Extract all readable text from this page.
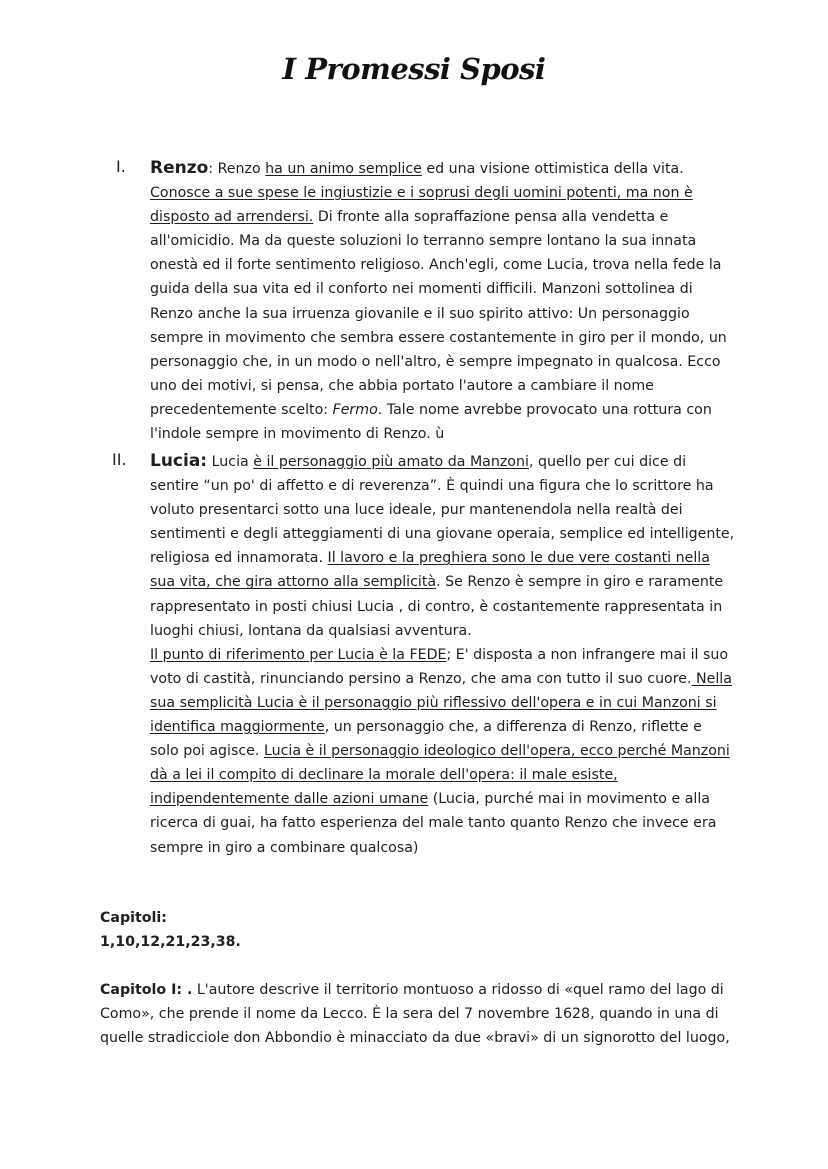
I Promessi Sposi
I. Renzo: Renzo ha un animo semplice ed una visione ottimistica della vita. Conosce a sue spese le ingiustizie e i soprusi degli uomini potenti, ma non è disposto ad arrendersi. Di fronte alla sopraffazione pensa alla vendetta e all'omicidio. Ma da queste soluzioni lo terranno sempre lontano la sua innata onestà ed il forte sentimento religioso. Anch'egli, come Lucia, trova nella fede la guida della sua vita ed il conforto nei momenti difficili. Manzoni sottolinea di Renzo anche la sua irruenza giovanile e il suo spirito attivo: Un personaggio sempre in movimento che sembra essere costantemente in giro per il mondo, un personaggio che, in un modo o nell'altro, è sempre impegnato in qualcosa. Ecco uno dei motivi, si pensa, che abbia portato l'autore a cambiare il nome precedentemente scelto: Fermo. Tale nome avrebbe provocato una rottura con l'indole sempre in movimento di Renzo. ù

II. Lucia: Lucia è il personaggio più amato da Manzoni, quello per cui dice di sentire “un po' di affetto e di reverenza”. È quindi una figura che lo scrittore ha voluto presentarci sotto una luce ideale, pur mantenendola nella realtà dei sentimenti e degli atteggiamenti di una giovane operaia, semplice ed intelligente, religiosa ed innamorata. Il lavoro e la preghiera sono le due vere costanti nella sua vita, che gira attorno alla semplicità. Se Renzo è sempre in giro e raramente rappresentato in posti chiusi Lucia , di contro, è costantemente rappresentata in luoghi chiusi, lontana da qualsiasi avventura.

Il punto di riferimento per Lucia è la FEDE; E' disposta a non infrangere mai il suo voto di castità, rinunciando persino a Renzo, che ama con tutto il suo cuore. Nella sua semplicità Lucia è il personaggio più riflessivo dell'opera e in cui Manzoni si identifica maggiormente, un personaggio che, a differenza di Renzo, riflette e solo poi agisce. Lucia è il personaggio ideologico dell'opera, ecco perché Manzoni dà a lei il compito di declinare la morale dell'opera: il male esiste, indipendentemente dalle azioni umane (Lucia, purché mai in movimento e alla ricerca di guai, ha fatto esperienza del male tanto quanto Renzo che invece era sempre in giro a combinare qualcosa)

Capitoli:

1,10,12,21,23,38.

Capitolo I: . L'autore descrive il territorio montuoso a ridosso di «quel ramo del lago di Como», che prende il nome da Lecco. È la sera del 7 novembre 1628, quando in una di quelle stradicciole don Abbondio è minacciato da due «bravi» di un signorotto del luogo,
